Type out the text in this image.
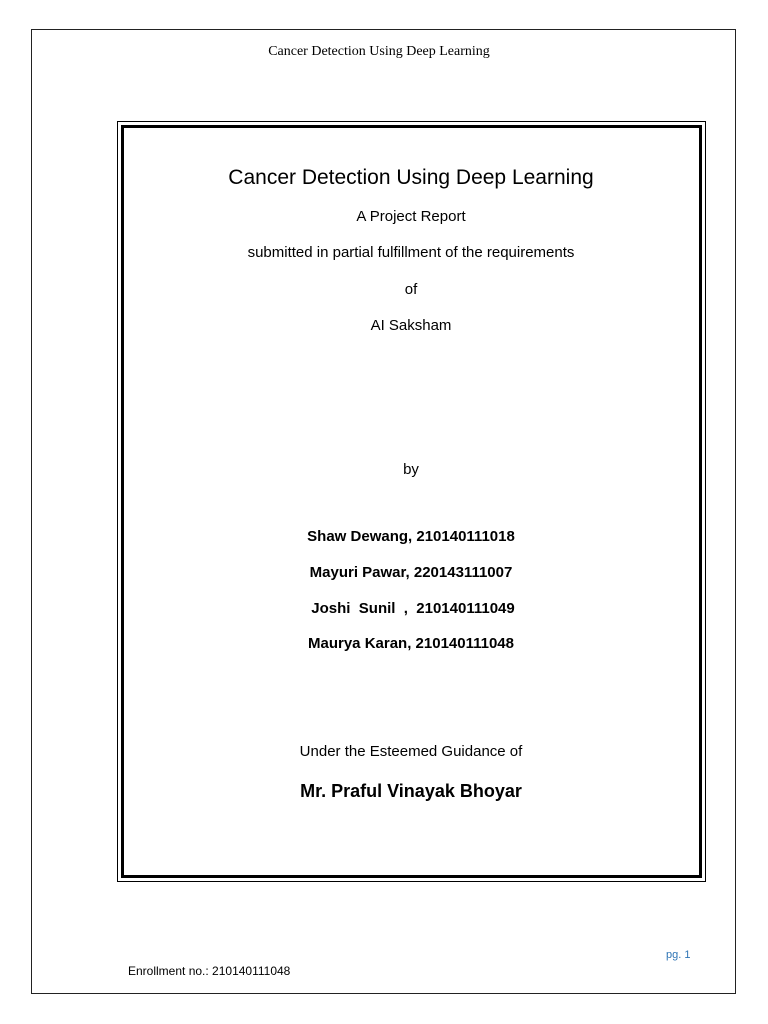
Cancer Detection Using Deep Learning
Cancer Detection Using Deep Learning
A Project Report
submitted in partial fulfillment of the requirements
of
AI Saksham
by
Shaw Dewang, 210140111018
Mayuri Pawar, 220143111007
Joshi  Sunil  ,  210140111049
Maurya Karan, 210140111048
Under the Esteemed Guidance of
Mr. Praful Vinayak Bhoyar
pg. 1
Enrollment no.: 210140111048
